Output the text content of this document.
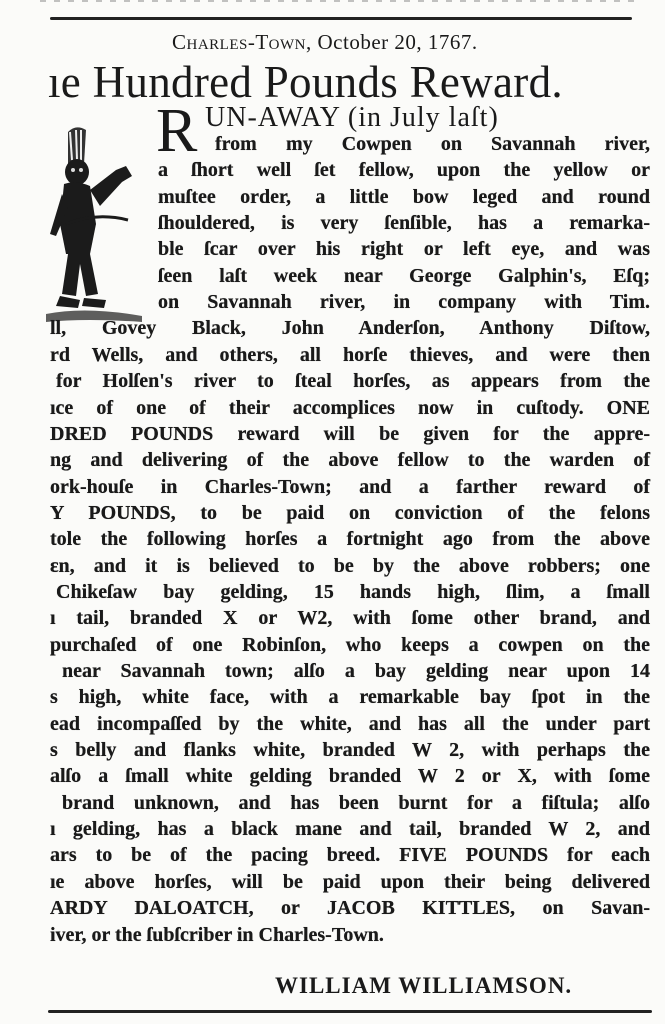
Charles-Town, October 20, 1767.
ıe Hundred Pounds Reward.
R UN-AWAY (in July laſt)
from my Cowpen on Savannah river,
a ſhort well ſet fellow, upon the yellow or
muſtee order, a little bow leged and round
ſhouldered, is very ſenſible, has a remarka-
ble ſcar over his right or left eye, and was
ſeen laſt week near George Galphin's, Eſq;
on Savannah river, in company with Tim.
ll, Govey Black, John Anderſon, Anthony Diſtow,
rd Wells, and others, all horſe thieves, and were then
for Holſen's river to ſteal horſes, as appears from the
ıce of one of their accomplices now in cuſtody. ONE
DRED POUNDS reward will be given for the appre-
ng and delivering of the above fellow to the warden of
ork-houſe in Charles-Town; and a farther reward of
Y POUNDS, to be paid on conviction of the felons
tole the following horſes a fortnight ago from the above
ɛn, and it is believed to be by the above robbers; one
Chikeſaw bay gelding, 15 hands high, ſlim, a ſmall
ı tail, branded X or W2, with ſome other brand, and
purchaſed of one Robinſon, who keeps a cowpen on the
near Savannah town; alſo a bay gelding near upon 14
s high, white face, with a remarkable bay ſpot in the
ead incompaſſed by the white, and has all the under part
s belly and flanks white, branded W 2, with perhaps the
alſo a ſmall white gelding branded W 2 or X, with ſome
brand unknown, and has been burnt for a fiſtula; alſo
ı gelding, has a black mane and tail, branded W 2, and
ars to be of the pacing breed. FIVE POUNDS for each
ıe above horſes, will be paid upon their being delivered
ARDY DALOATCH, or JACOB KITTLES, on Savan-
iver, or the ſubſcriber in Charles-Town.
WILLIAM WILLIAMSON.
